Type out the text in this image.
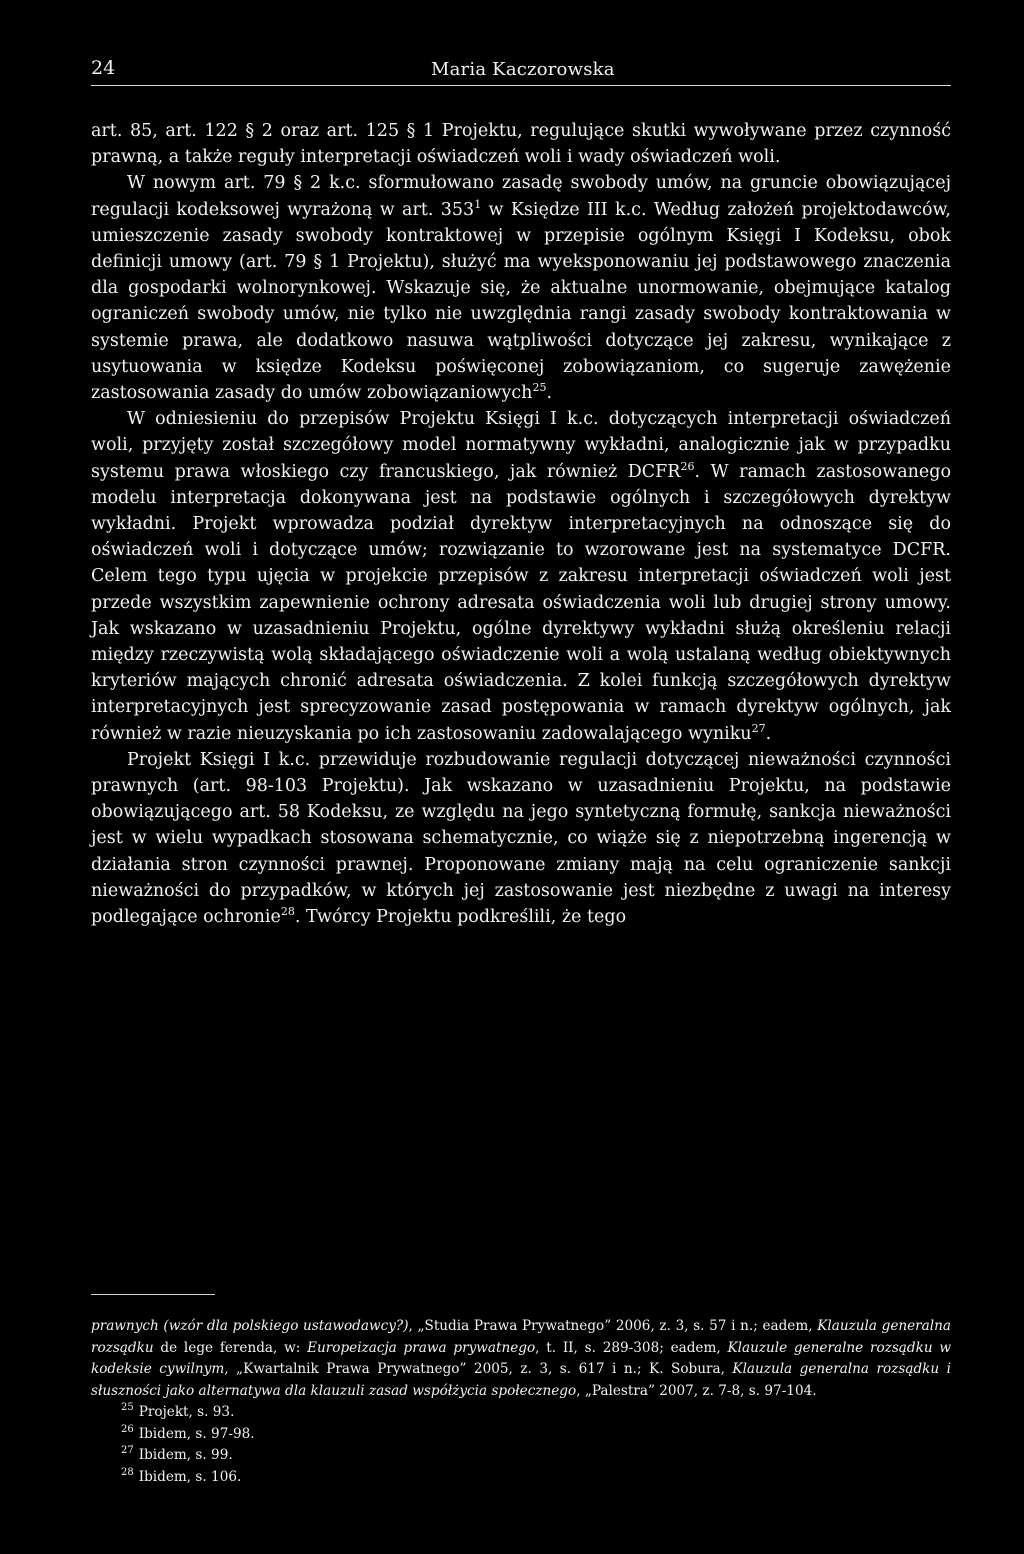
24	Maria Kaczorowska

art. 85, art. 122 § 2 oraz art. 125 § 1 Projektu, regulujące skutki wywoływane przez czynność prawną, a także reguły interpretacji oświadczeń woli i wady oświadczeń woli.

W nowym art. 79 § 2 k.c. sformułowano zasadę swobody umów, na gruncie obowiązującej regulacji kodeksowej wyrażoną w art. $353^1$ w Księdze III k.c. Według założeń projektodawców, umieszczenie zasady swobody kontraktowej w przepisie ogólnym Księgi I Kodeksu, obok definicji umowy (art. 79 § 1 Projektu), służyć ma wyeksponowaniu jej podstawowego znaczenia dla gospodarki wolnorynkowej. Wskazuje się, że aktualne unormowanie, obejmujące katalog ograniczeń swobody umów, nie tylko nie uwzględnia rangi zasady swobody kontraktowania w systemie prawa, ale dodatkowo nasuwa wątpliwości dotyczące jej zakresu, wynikające z usytuowania w księdze Kodeksu poświęconej zobowiązaniom, co sugeruje zawężenie zastosowania zasady do umów zobowiązaniowych$^{25}$.

W odniesieniu do przepisów Projektu Księgi I k.c. dotyczących interpretacji oświadczeń woli, przyjęty został szczegółowy model normatywny wykładni, analogicznie jak w przypadku systemu prawa włoskiego czy francuskiego, jak również DCFR$^{26}$. W ramach zastosowanego modelu interpretacja dokonywana jest na podstawie ogólnych i szczegółowych dyrektyw wykładni. Projekt wprowadza podział dyrektyw interpretacyjnych na odnoszące się do oświadczeń woli i dotyczące umów; rozwiązanie to wzorowane jest na systematyce DCFR. Celem tego typu ujęcia w projekcie przepisów z zakresu interpretacji oświadczeń woli jest przede wszystkim zapewnienie ochrony adresata oświadczenia woli lub drugiej strony umowy. Jak wskazano w uzasadnieniu Projektu, ogólne dyrektywy wykładni służą określeniu relacji między rzeczywistą wolą składającego oświadczenie woli a wolą ustalaną według obiektywnych kryteriów mających chronić adresata oświadczenia. Z kolei funkcją szczegółowych dyrektyw interpretacyjnych jest sprecyzowanie zasad postępowania w ramach dyrektyw ogólnych, jak również w razie nieuzyskania po ich zastosowaniu zadowalającego wyniku$^{27}$.

Projekt Księgi I k.c. przewiduje rozbudowanie regulacji dotyczącej nieważności czynności prawnych (art. 98-103 Projektu). Jak wskazano w uzasadnieniu Projektu, na podstawie obowiązującego art. 58 Kodeksu, ze względu na jego syntetyczną formułę, sankcja nieważności jest w wielu wypadkach stosowana schematycznie, co wiąże się z niepotrzebną ingerencją w działania stron czynności prawnej. Proponowane zmiany mają na celu ograniczenie sankcji nieważności do przypadków, w których jej zastosowanie jest niezbędne z uwagi na interesy podlegające ochronie$^{28}$. Twórcy Projektu podkreślili, że tego

prawnych (wzór dla polskiego ustawodawcy?), „Studia Prawa Prywatnego” 2006, z. 3, s. 57 i n.; eadem, Klauzula generalna rozsądku de lege ferenda, w: Europeizacja prawa prywatnego, t. II, s. 289-308; eadem, Klauzule generalne rozsądku w kodeksie cywilnym, „Kwartalnik Prawa Prywatnego” 2005, z. 3, s. 617 i n.; K. Sobura, Klauzula generalna rozsądku i słuszności jako alternatywa dla klauzuli zasad współżycia społecznego, „Palestra” 2007, z. 7-8, s. 97-104.

$^{25}$ Projekt, s. 93.

$^{26}$ Ibidem, s. 97-98.

$^{27}$ Ibidem, s. 99.

$^{28}$ Ibidem, s. 106.
